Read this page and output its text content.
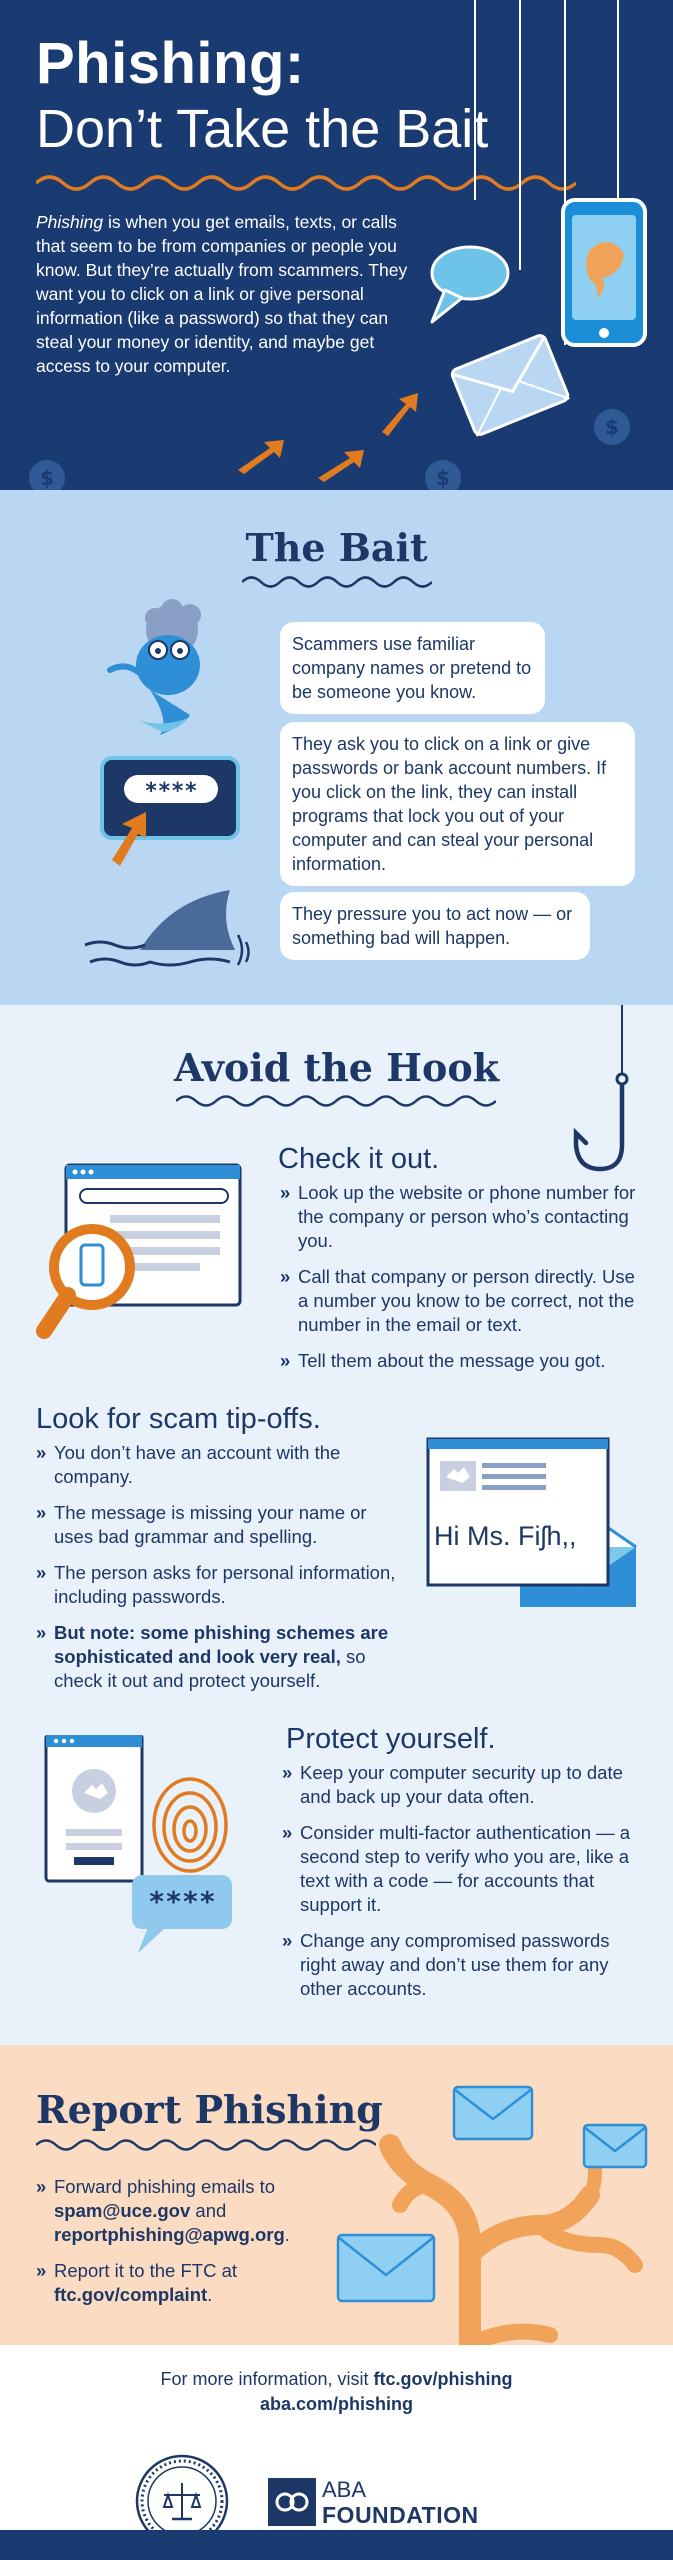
Phishing:
Don’t Take the Bait
Phishing is when you get emails, texts, or calls that seem to be from companies or people you know. But they’re actually from scammers. They want you to click on a link or give personal information (like a password) so that they can steal your money or identity, and maybe get access to your computer.
$
$
$
The Bait
****
Scammers use familiar company names or pretend to be someone you know.
They ask you to click on a link or give passwords or bank account numbers. If you click on the link, they can install programs that lock you out of your computer and can steal your personal information.
They pressure you to act now — or something bad will happen.
Avoid the Hook
Check it out.
» Look up the website or phone number for the company or person who’s contacting you.
» Call that company or person directly. Use a number you know to be correct, not the number in the email or text.
» Tell them about the message you got.
Look for scam tip-offs.
» You don’t have an account with the company.
» The message is missing your name or uses bad grammar and spelling.
» The person asks for personal information, including passwords.
» But note: some phishing schemes are sophisticated and look very real, so check it out and protect yourself.
Hi Ms. Fiʃh,,
****
Protect yourself.
» Keep your computer security up to date and back up your data often.
» Consider multi-factor authentication — a second step to verify who you are, like a text with a code — for accounts that support it.
» Change any compromised passwords right away and don’t use them for any other accounts.
Report Phishing
» Forward phishing emails to spam@uce.gov and reportphishing@apwg.org.
» Report it to the FTC at ftc.gov/complaint.
For more information, visit ftc.gov/phishing
aba.com/phishing
ABA
FOUNDATION
